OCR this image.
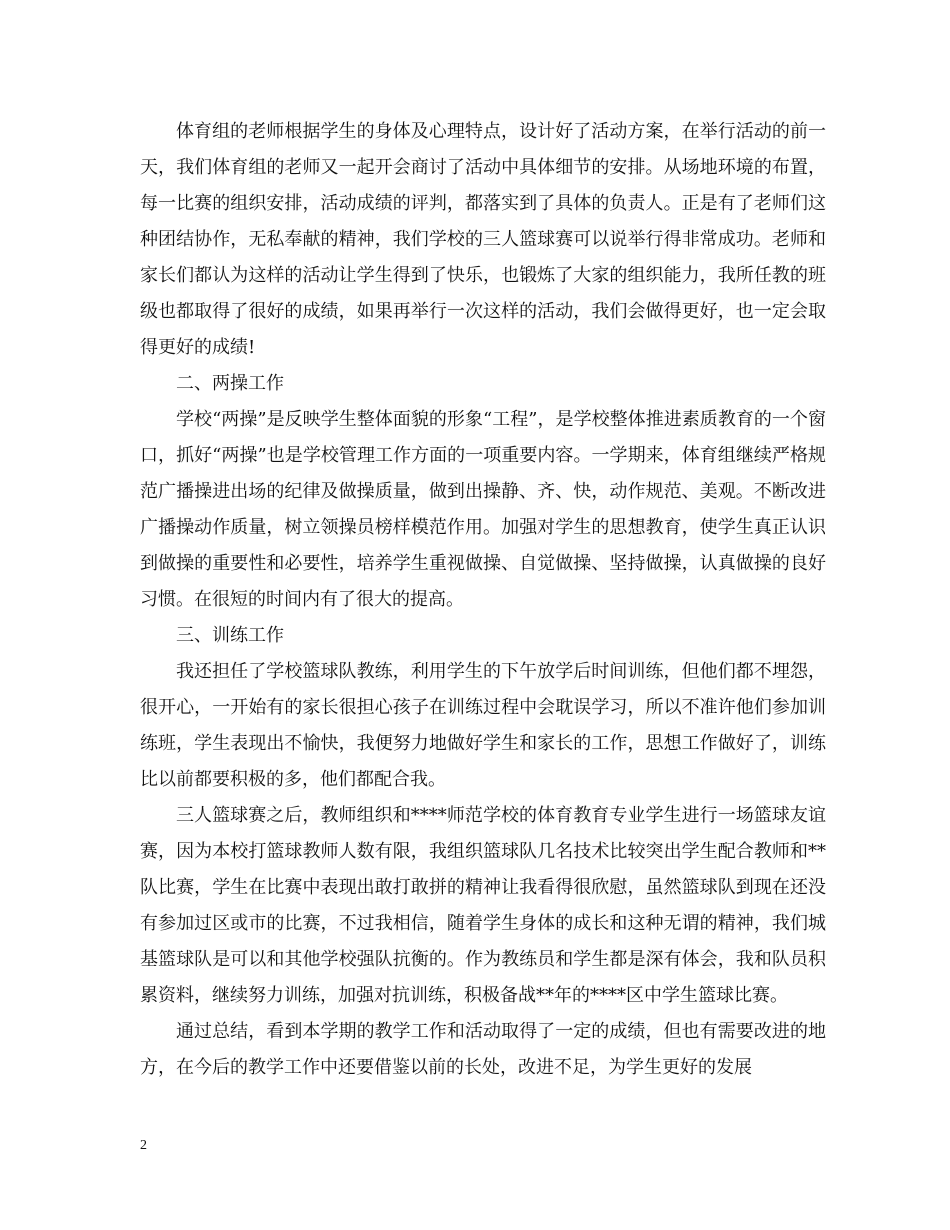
体育组的老师根据学生的身体及心理特点，设计好了活动方案，在举行活动的前一天，我们体育组的老师又一起开会商讨了活动中具体细节的安排。从场地环境的布置，每一比赛的组织安排，活动成绩的评判，都落实到了具体的负责人。正是有了老师们这种团结协作，无私奉献的精神，我们学校的三人篮球赛可以说举行得非常成功。老师和家长们都认为这样的活动让学生得到了快乐，也锻炼了大家的组织能力，我所任教的班级也都取得了很好的成绩，如果再举行一次这样的活动，我们会做得更好，也一定会取得更好的成绩!

二、两操工作

学校“两操”是反映学生整体面貌的形象“工程”，是学校整体推进素质教育的一个窗口，抓好“两操”也是学校管理工作方面的一项重要内容。一学期来，体育组继续严格规范广播操进出场的纪律及做操质量，做到出操静、齐、快，动作规范、美观。不断改进广播操动作质量，树立领操员榜样模范作用。加强对学生的思想教育，使学生真正认识到做操的重要性和必要性，培养学生重视做操、自觉做操、坚持做操，认真做操的良好习惯。在很短的时间内有了很大的提高。

三、训练工作

我还担任了学校篮球队教练，利用学生的下午放学后时间训练，但他们都不埋怨，很开心，一开始有的家长很担心孩子在训练过程中会耽误学习，所以不准许他们参加训练班，学生表现出不愉快，我便努力地做好学生和家长的工作，思想工作做好了，训练比以前都要积极的多，他们都配合我。

三人篮球赛之后，教师组织和****师范学校的体育教育专业学生进行一场篮球友谊赛，因为本校打篮球教师人数有限，我组织篮球队几名技术比较突出学生配合教师和**队比赛，学生在比赛中表现出敢打敢拼的精神让我看得很欣慰，虽然篮球队到现在还没有参加过区或市的比赛，不过我相信，随着学生身体的成长和这种无谓的精神，我们城基篮球队是可以和其他学校强队抗衡的。作为教练员和学生都是深有体会，我和队员积累资料，继续努力训练，加强对抗训练，积极备战**年的****区中学生篮球比赛。

通过总结，看到本学期的教学工作和活动取得了一定的成绩，但也有需要改进的地方，在今后的教学工作中还要借鉴以前的长处，改进不足，为学生更好的发展

2
